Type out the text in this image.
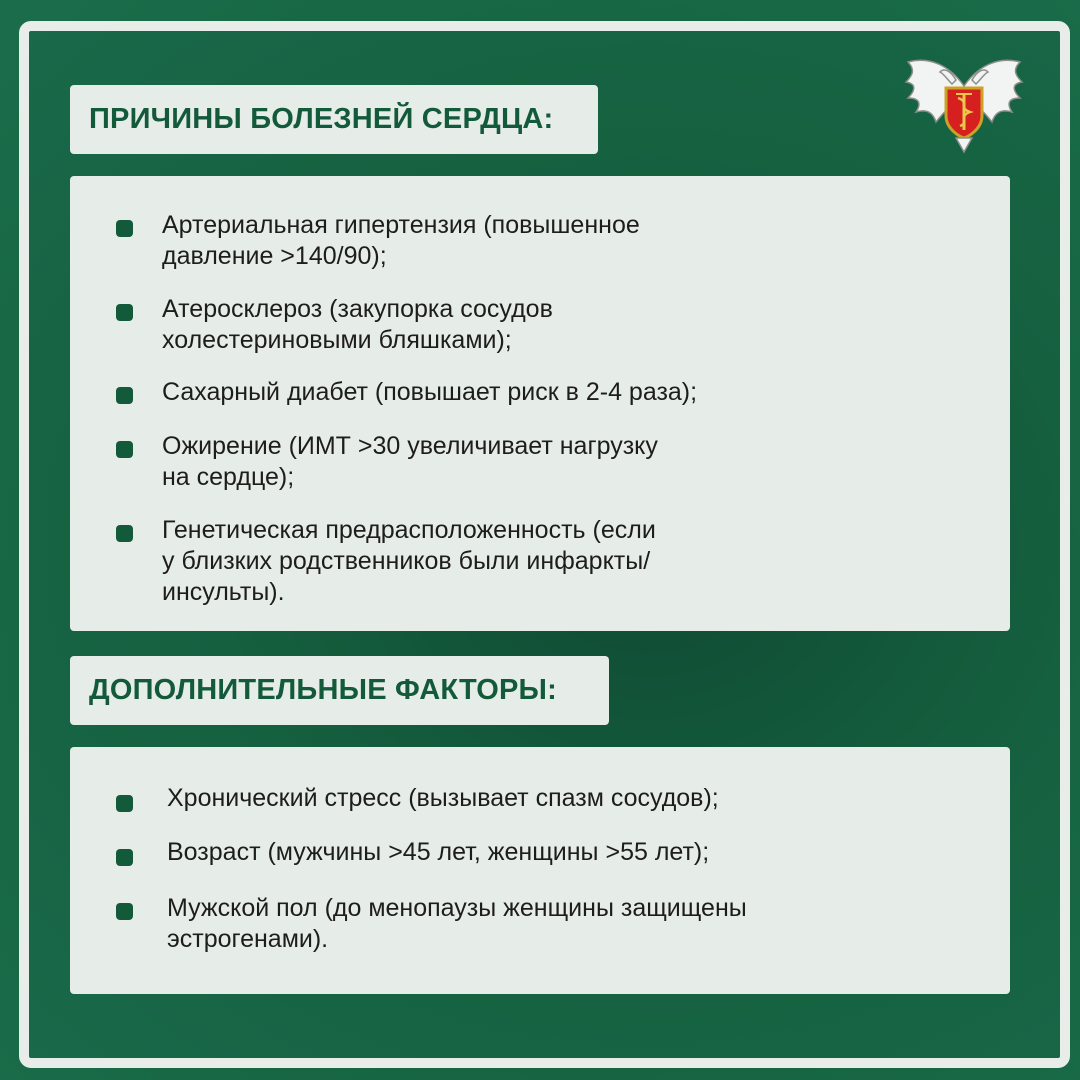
ПРИЧИНЫ БОЛЕЗНЕЙ СЕРДЦА:
Артериальная гипертензия (повышенное
давление >140/90);
Атеросклероз (закупорка сосудов
холестериновыми бляшками);
Сахарный диабет (повышает риск в 2-4 раза);
Ожирение (ИМТ >30 увеличивает нагрузку
на сердце);
Генетическая предрасположенность (если
у близких родственников были инфаркты/
инсульты).
ДОПОЛНИТЕЛЬНЫЕ ФАКТОРЫ:
Хронический стресс (вызывает спазм сосудов);
Возраст (мужчины >45 лет, женщины >55 лет);
Мужской пол (до менопаузы женщины защищены
эстрогенами).
